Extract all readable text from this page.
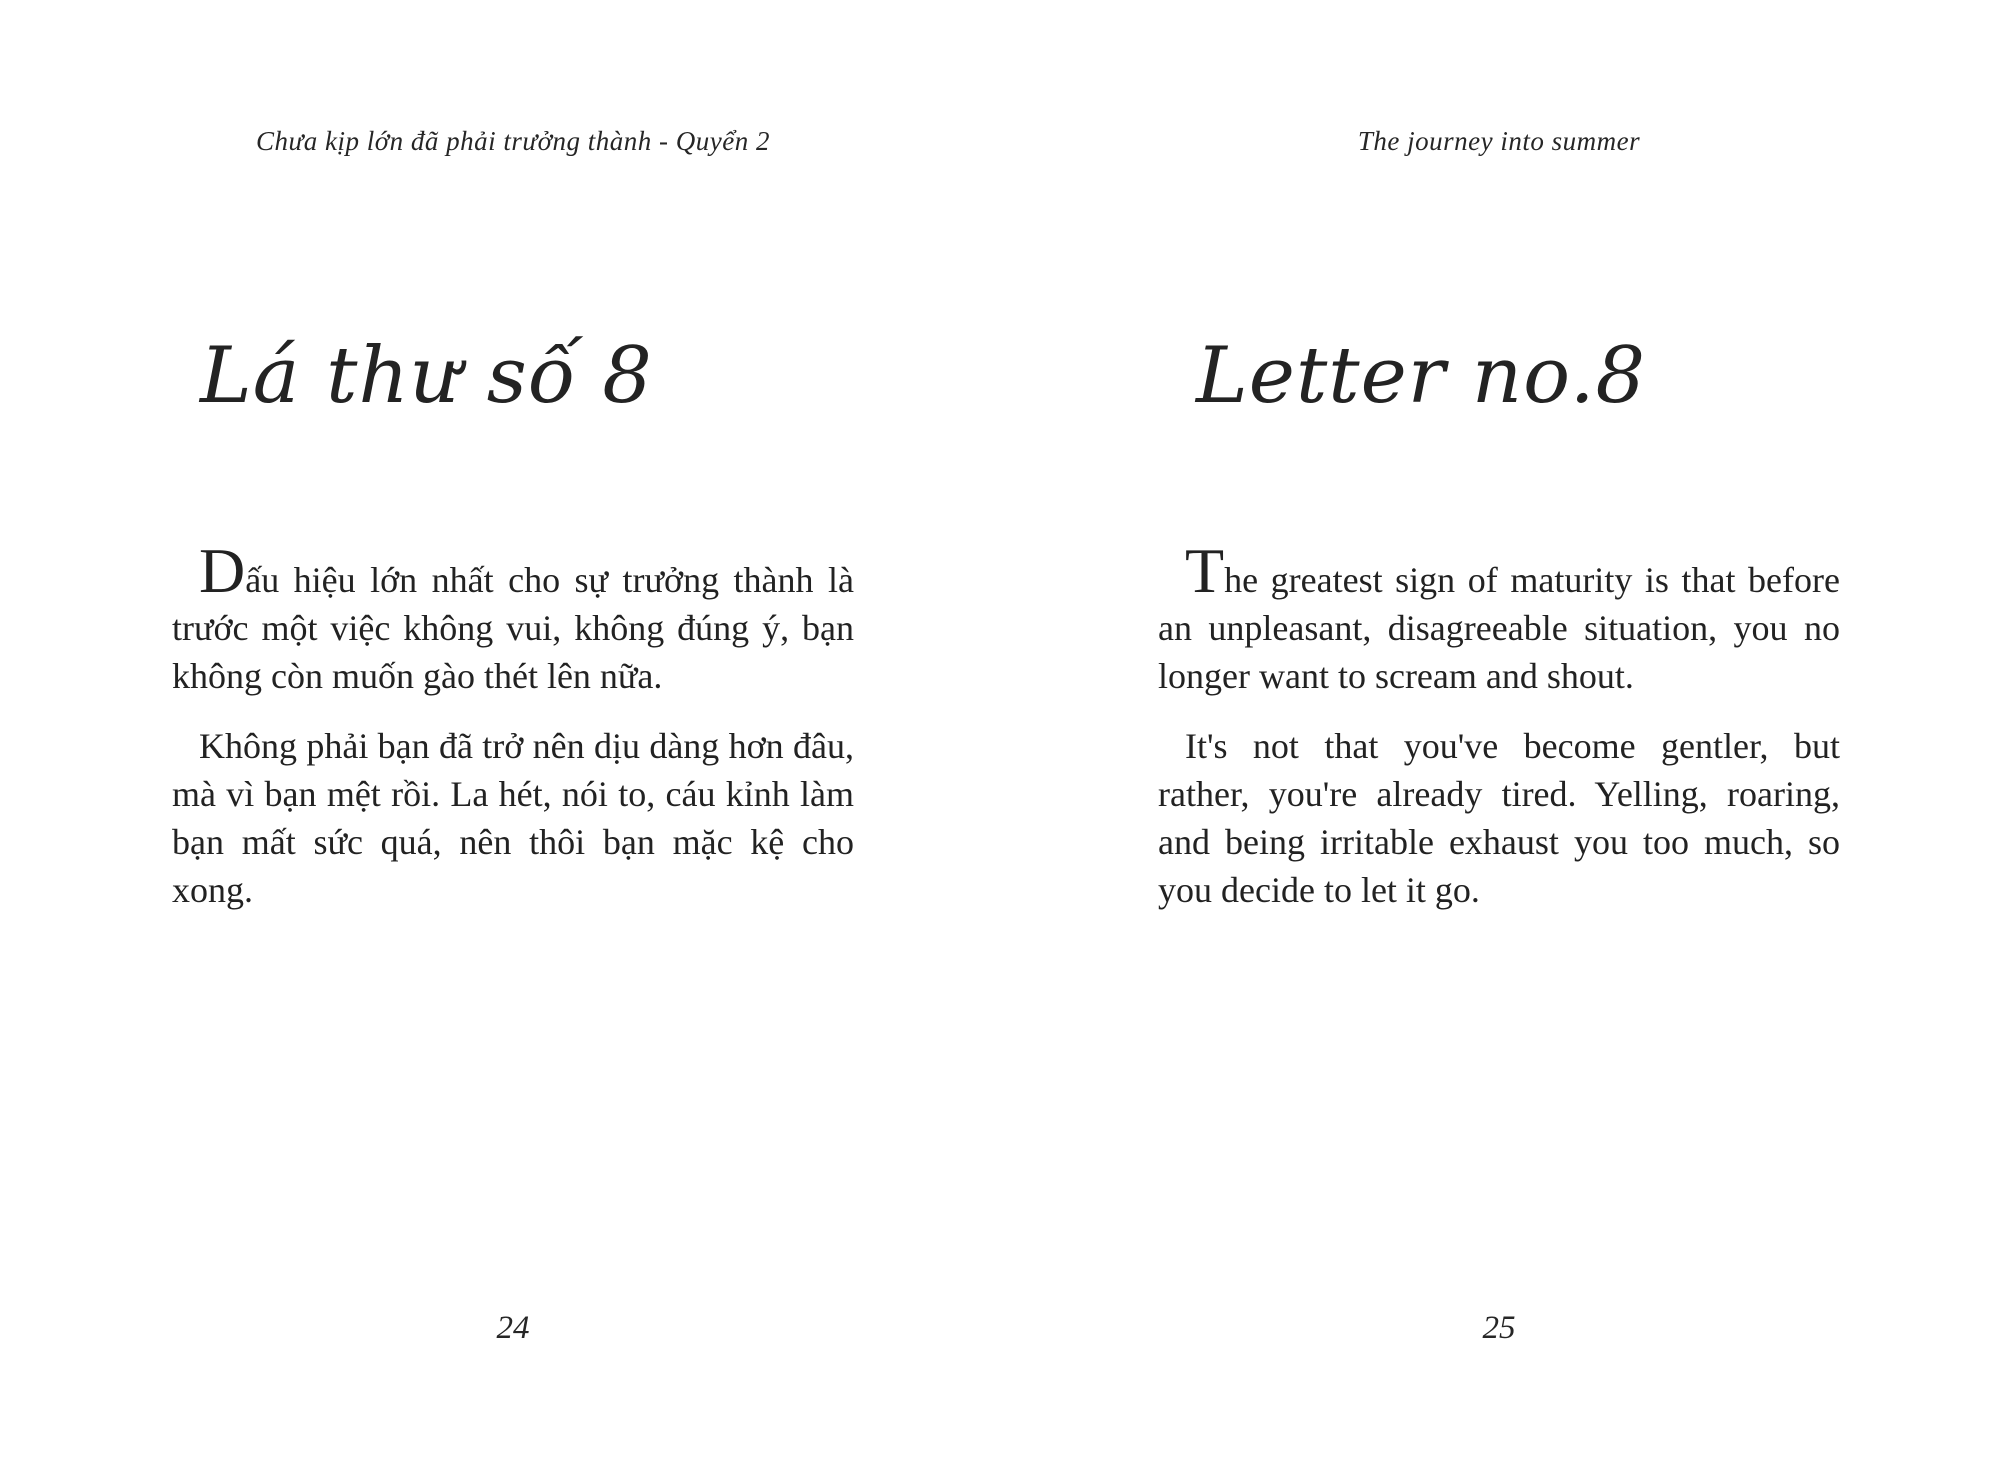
Chưa kịp lớn đã phải trưởng thành - Quyển 2
Lá thư số 8

Dấu hiệu lớn nhất cho sự trưởng thành là trước một việc không vui, không đúng ý, bạn không còn muốn gào thét lên nữa.

Không phải bạn đã trở nên dịu dàng hơn đâu, mà vì bạn mệt rồi. La hét, nói to, cáu kỉnh làm bạn mất sức quá, nên thôi bạn mặc kệ cho xong.

24
The journey into summer
Letter no.8

The greatest sign of maturity is that before an unpleasant, disagreeable situation, you no longer want to scream and shout.

It's not that you've become gentler, but rather, you're already tired. Yelling, roaring, and being irritable exhaust you too much, so you decide to let it go.

25
